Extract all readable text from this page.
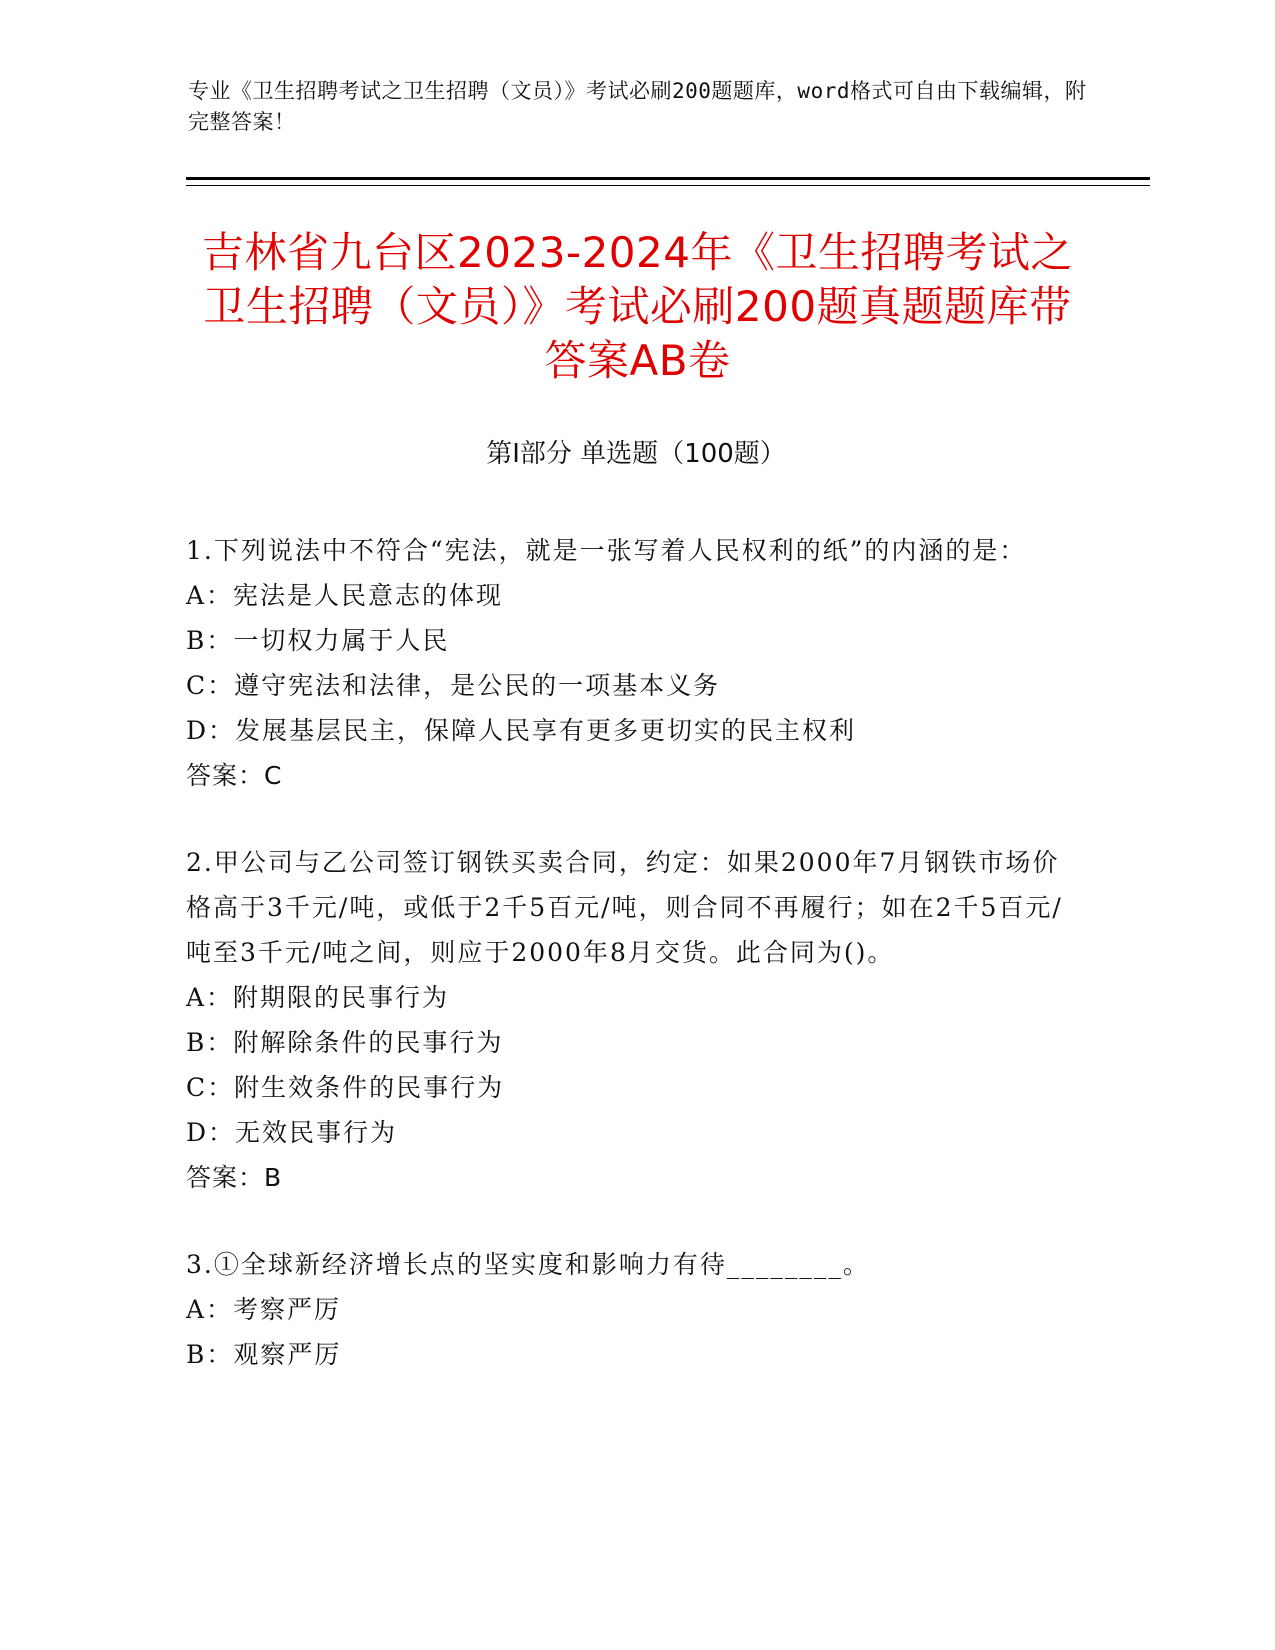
专业《卫生招聘考试之卫生招聘（文员）》考试必刷200题题库，word格式可自由下载编辑，附完整答案！
吉林省九台区2023-2024年《卫生招聘考试之卫生招聘（文员）》考试必刷200题真题题库带答案AB卷
第Ⅰ部分 单选题（100题）
1.下列说法中不符合“宪法，就是一张写着人民权利的纸”的内涵的是：
A：宪法是人民意志的体现
B：一切权力属于人民
C：遵守宪法和法律，是公民的一项基本义务
D：发展基层民主，保障人民享有更多更切实的民主权利
答案：C
2.甲公司与乙公司签订钢铁买卖合同，约定：如果2000年7月钢铁市场价格高于3千元/吨，或低于2千5百元/吨，则合同不再履行；如在2千5百元/吨至3千元/吨之间，则应于2000年8月交货。此合同为()。
A：附期限的民事行为
B：附解除条件的民事行为
C：附生效条件的民事行为
D：无效民事行为
答案：B
3.①全球新经济增长点的坚实度和影响力有待________。
A：考察严厉
B：观察严厉
